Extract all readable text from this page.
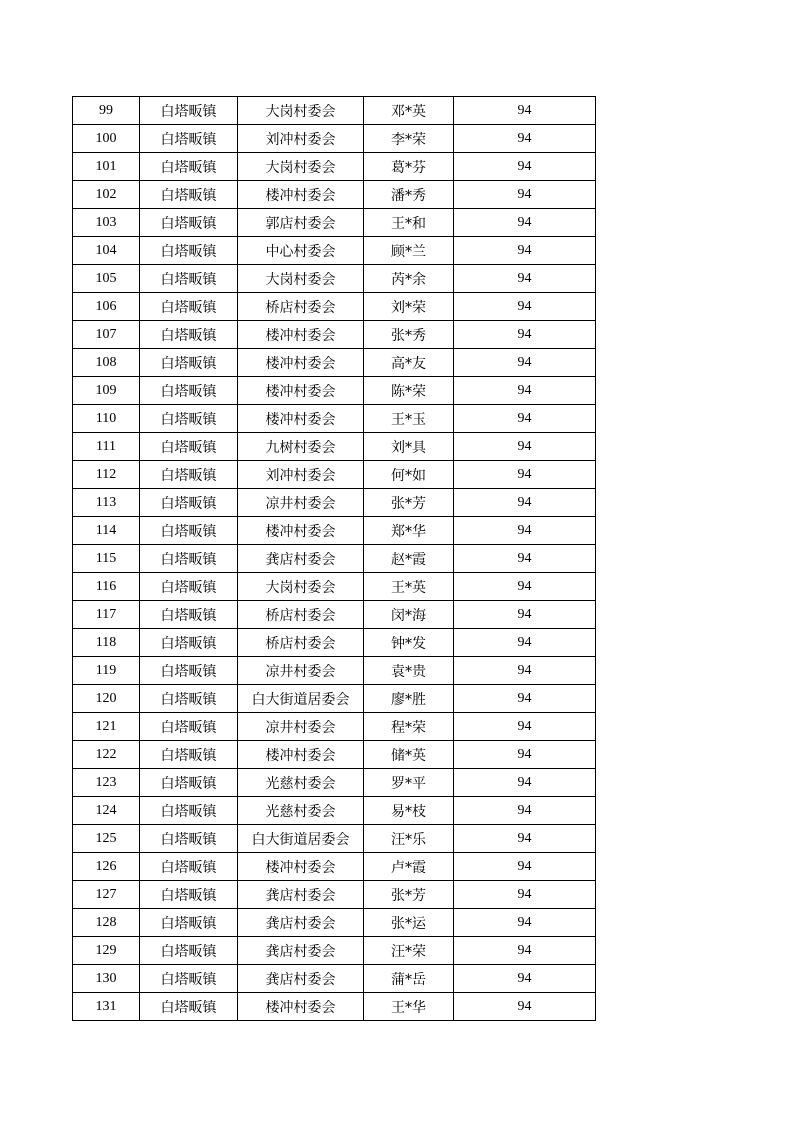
99	白塔畈镇	大岗村委会	邓*英	94
100	白塔畈镇	刘冲村委会	李*荣	94
101	白塔畈镇	大岗村委会	葛*芬	94
102	白塔畈镇	楼冲村委会	潘*秀	94
103	白塔畈镇	郭店村委会	王*和	94
104	白塔畈镇	中心村委会	顾*兰	94
105	白塔畈镇	大岗村委会	芮*余	94
106	白塔畈镇	桥店村委会	刘*荣	94
107	白塔畈镇	楼冲村委会	张*秀	94
108	白塔畈镇	楼冲村委会	高*友	94
109	白塔畈镇	楼冲村委会	陈*荣	94
110	白塔畈镇	楼冲村委会	王*玉	94
111	白塔畈镇	九树村委会	刘*具	94
112	白塔畈镇	刘冲村委会	何*如	94
113	白塔畈镇	凉井村委会	张*芳	94
114	白塔畈镇	楼冲村委会	郑*华	94
115	白塔畈镇	龚店村委会	赵*霞	94
116	白塔畈镇	大岗村委会	王*英	94
117	白塔畈镇	桥店村委会	闵*海	94
118	白塔畈镇	桥店村委会	钟*发	94
119	白塔畈镇	凉井村委会	袁*贵	94
120	白塔畈镇	白大街道居委会	廖*胜	94
121	白塔畈镇	凉井村委会	程*荣	94
122	白塔畈镇	楼冲村委会	储*英	94
123	白塔畈镇	光慈村委会	罗*平	94
124	白塔畈镇	光慈村委会	易*枝	94
125	白塔畈镇	白大街道居委会	汪*乐	94
126	白塔畈镇	楼冲村委会	卢*霞	94
127	白塔畈镇	龚店村委会	张*芳	94
128	白塔畈镇	龚店村委会	张*运	94
129	白塔畈镇	龚店村委会	汪*荣	94
130	白塔畈镇	龚店村委会	蒲*岳	94
131	白塔畈镇	楼冲村委会	王*华	94
